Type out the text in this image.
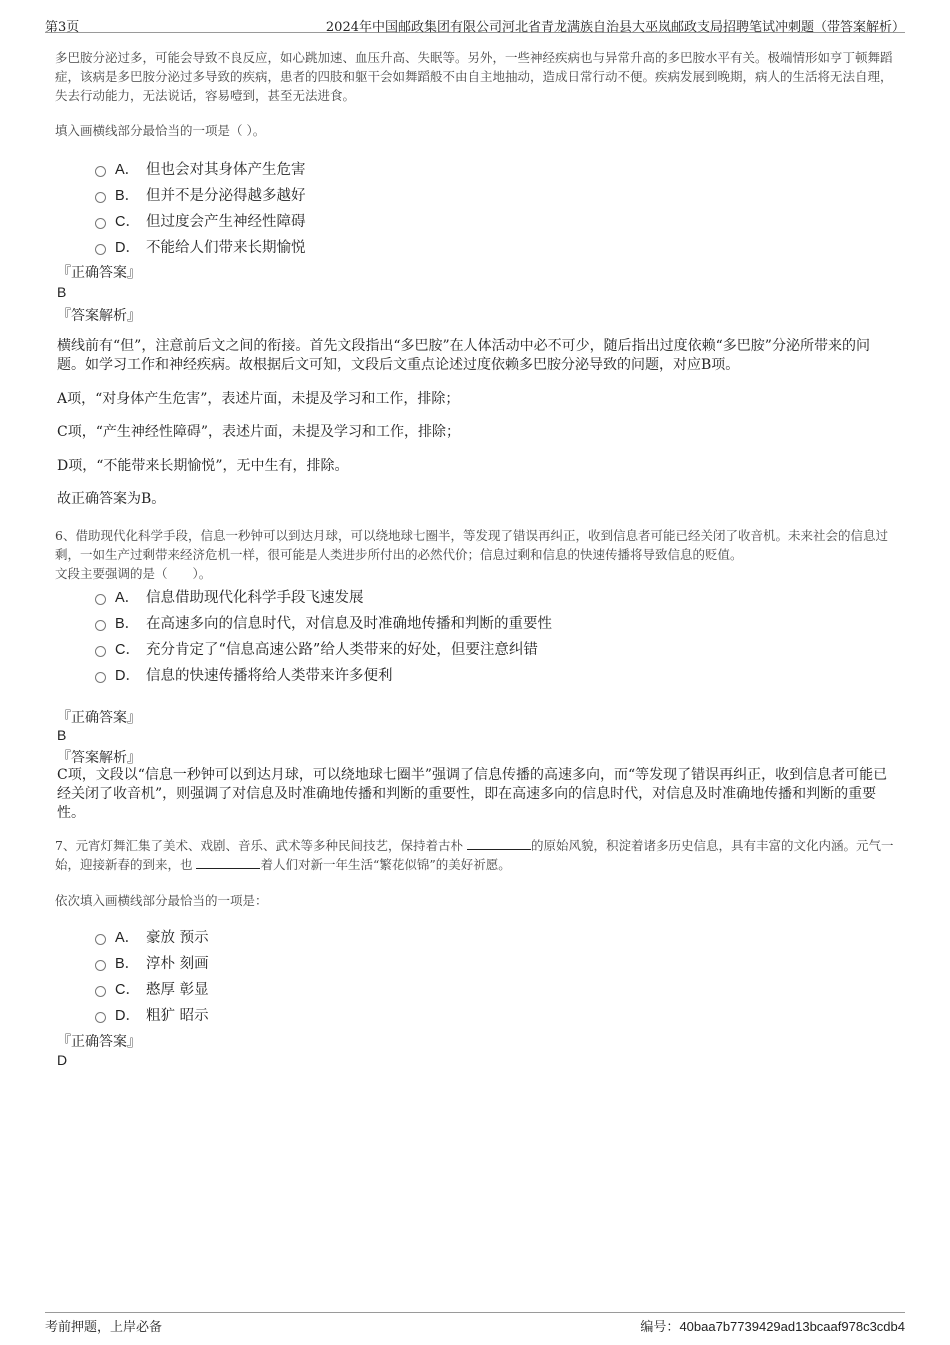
第3页	2024年中国邮政集团有限公司河北省青龙满族自治县大巫岚邮政支局招聘笔试冲刺题（带答案解析）

多巴胺分泌过多，可能会导致不良反应，如心跳加速、血压升高、失眠等。另外，一些神经疾病也与异常升高的多巴胺水平有关。极端情形如亨丁顿舞蹈症，该病是多巴胺分泌过多导致的疾病，患者的四肢和躯干会如舞蹈般不由自主地抽动，造成日常行动不便。疾病发展到晚期，病人的生活将无法自理，失去行动能力，无法说话，容易噎到，甚至无法进食。

填入画横线部分最恰当的一项是（ ）。

A． 但也会对其身体产生危害
B． 但并不是分泌得越多越好
C． 但过度会产生神经性障碍
D． 不能给人们带来长期愉悦
『正确答案』
B
『答案解析』

横线前有“但”，注意前后文之间的衔接。首先文段指出“多巴胺”在人体活动中必不可少，随后指出过度依赖“多巴胺”分泌所带来的问题。如学习工作和神经疾病。故根据后文可知，文段后文重点论述过度依赖多巴胺分泌导致的问题，对应B项。

A项，“对身体产生危害”，表述片面，未提及学习和工作，排除；

C项，“产生神经性障碍”，表述片面，未提及学习和工作，排除；

D项，“不能带来长期愉悦”，无中生有，排除。

故正确答案为B。

6、借助现代化科学手段，信息一秒钟可以到达月球，可以绕地球七圈半，等发现了错误再纠正，收到信息者可能已经关闭了收音机。未来社会的信息过剩，一如生产过剩带来经济危机一样，很可能是人类进步所付出的必然代价；信息过剩和信息的快速传播将导致信息的贬值。

文段主要强调的是（　　）。

A． 信息借助现代化科学手段飞速发展
B． 在高速多向的信息时代，对信息及时准确地传播和判断的重要性
C． 充分肯定了“信息高速公路”给人类带来的好处，但要注意纠错
D． 信息的快速传播将给人类带来许多便利
『正确答案』
B
『答案解析』

C项，文段以“信息一秒钟可以到达月球，可以绕地球七圈半”强调了信息传播的高速多向，而“等发现了错误再纠正，收到信息者可能已经关闭了收音机”，则强调了对信息及时准确地传播和判断的重要性，即在高速多向的信息时代，对信息及时准确地传播和判断的重要性。

7、元宵灯舞汇集了美术、戏剧、音乐、武术等多种民间技艺，保持着古朴	的原始风貌，积淀着诸多历史信息，具有丰富的文化内涵。元气一始，迎接新春的到来，也	着人们对新一年生活“繁花似锦”的美好祈愿。

依次填入画横线部分最恰当的一项是：

A． 豪放 预示
B． 淳朴 刻画
C． 憨厚 彰显
D． 粗犷 昭示
『正确答案』
D
考前押题，上岸必备	编号：40baa7b7739429ad13bcaaf978c3cdb4
